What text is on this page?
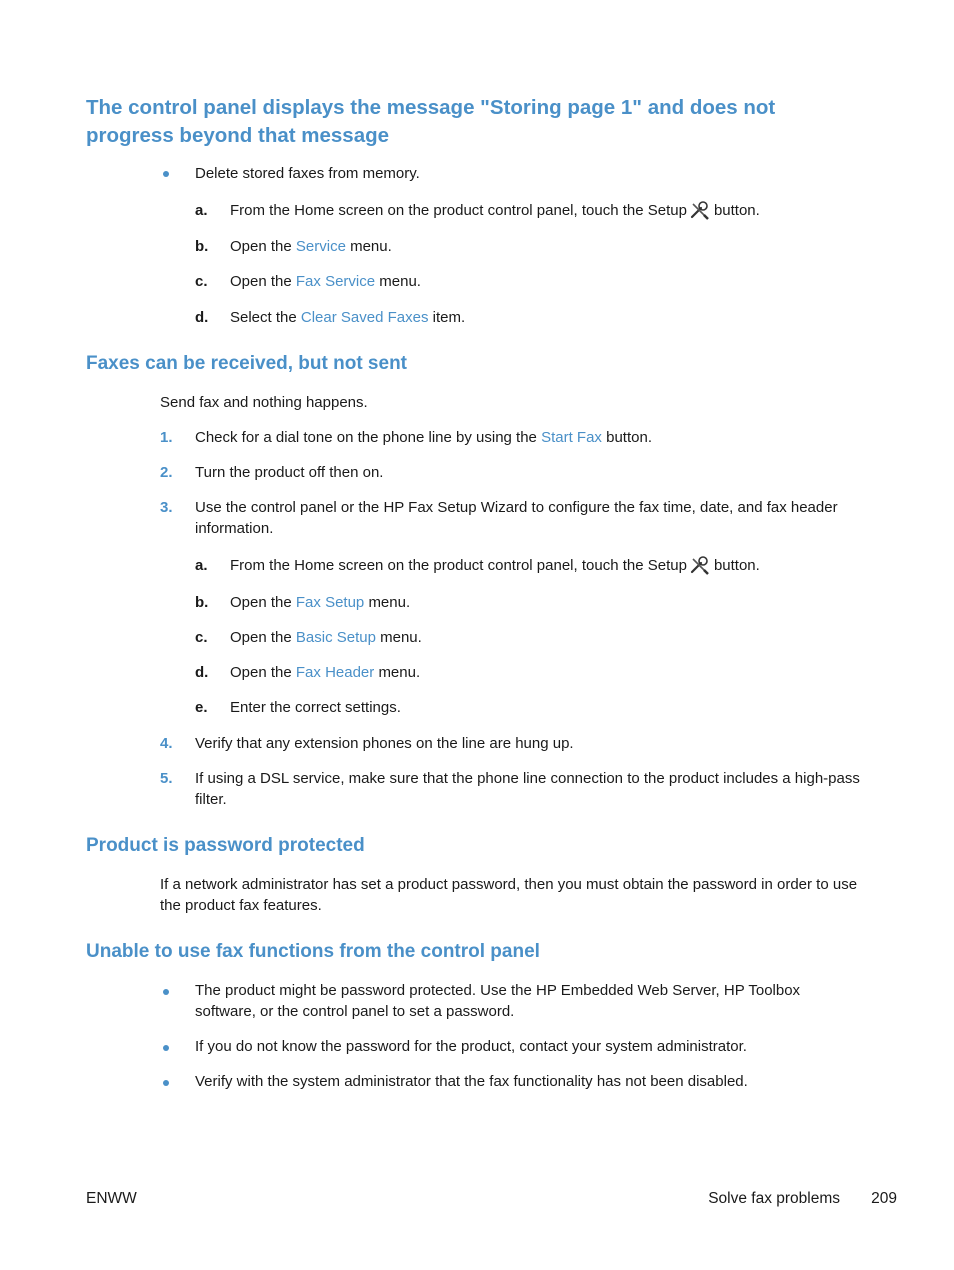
The control panel displays the message "Storing page 1" and does not progress beyond that message
Delete stored faxes from memory.
a. From the Home screen on the product control panel, touch the Setup button.
b. Open the Service menu.
c. Open the Fax Service menu.
d. Select the Clear Saved Faxes item.
Faxes can be received, but not sent
Send fax and nothing happens.
1. Check for a dial tone on the phone line by using the Start Fax button.
2. Turn the product off then on.
3. Use the control panel or the HP Fax Setup Wizard to configure the fax time, date, and fax header information.
a. From the Home screen on the product control panel, touch the Setup button.
b. Open the Fax Setup menu.
c. Open the Basic Setup menu.
d. Open the Fax Header menu.
e. Enter the correct settings.
4. Verify that any extension phones on the line are hung up.
5. If using a DSL service, make sure that the phone line connection to the product includes a high-pass filter.
Product is password protected
If a network administrator has set a product password, then you must obtain the password in order to use the product fax features.
Unable to use fax functions from the control panel
The product might be password protected. Use the HP Embedded Web Server, HP Toolbox software, or the control panel to set a password.
If you do not know the password for the product, contact your system administrator.
Verify with the system administrator that the fax functionality has not been disabled.
ENWW	Solve fax problems 209
